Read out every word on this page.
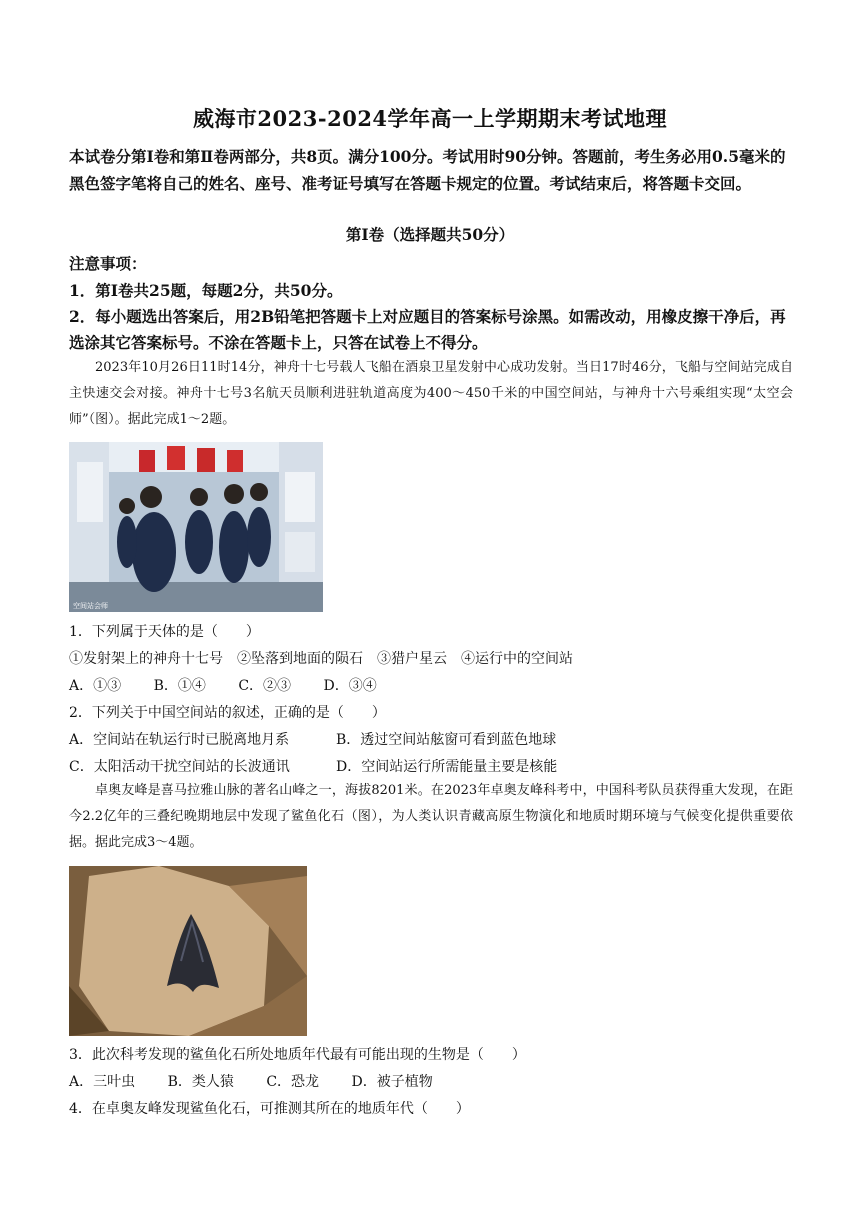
威海市2023-2024学年高一上学期期末考试地理
本试卷分第Ⅰ卷和第Ⅱ卷两部分，共8页。满分100分。考试用时90分钟。答题前，考生务必用0.5毫米的黑色签字笔将自己的姓名、座号、准考证号填写在答题卡规定的位置。考试结束后，将答题卡交回。
第Ⅰ卷（选择题共50分）
注意事项：
1．第Ⅰ卷共25题，每题2分，共50分。
2．每小题选出答案后，用2B铅笔把答题卡上对应题目的答案标号涂黑。如需改动，用橡皮擦干净后，再选涂其它答案标号。不涂在答题卡上，只答在试卷上不得分。
2023年10月26日11时14分，神舟十七号载人飞船在酒泉卫星发射中心成功发射。当日17时46分，飞船与空间站完成自主快速交会对接。神舟十七号3名航天员顺利进驻轨道高度为400～450千米的中国空间站，与神舟十六号乘组实现“太空会师”（图）。据此完成1～2题。
空间站会师
1．下列属于天体的是（　　）
①发射架上的神舟十七号　②坠落到地面的陨石　③猎户星云　④运行中的空间站
A．①③ B．①④ C．②③ D．③④
2．下列关于中国空间站的叙述，正确的是（　　）
A．空间站在轨运行时已脱离地月系	B．透过空间站舷窗可看到蓝色地球
C．太阳活动干扰空间站的长波通讯	D．空间站运行所需能量主要是核能
卓奥友峰是喜马拉雅山脉的著名山峰之一，海拔8201米。在2023年卓奥友峰科考中，中国科考队员获得重大发现，在距今2.2亿年的三叠纪晚期地层中发现了鲨鱼化石（图），为人类认识青藏高原生物演化和地质时期环境与气候变化提供重要依据。据此完成3～4题。
3．此次科考发现的鲨鱼化石所处地质年代最有可能出现的生物是（　　）
A．三叶虫 B．类人猿 C．恐龙 D．被子植物
4．在卓奥友峰发现鲨鱼化石，可推测其所在的地质年代（　　）
